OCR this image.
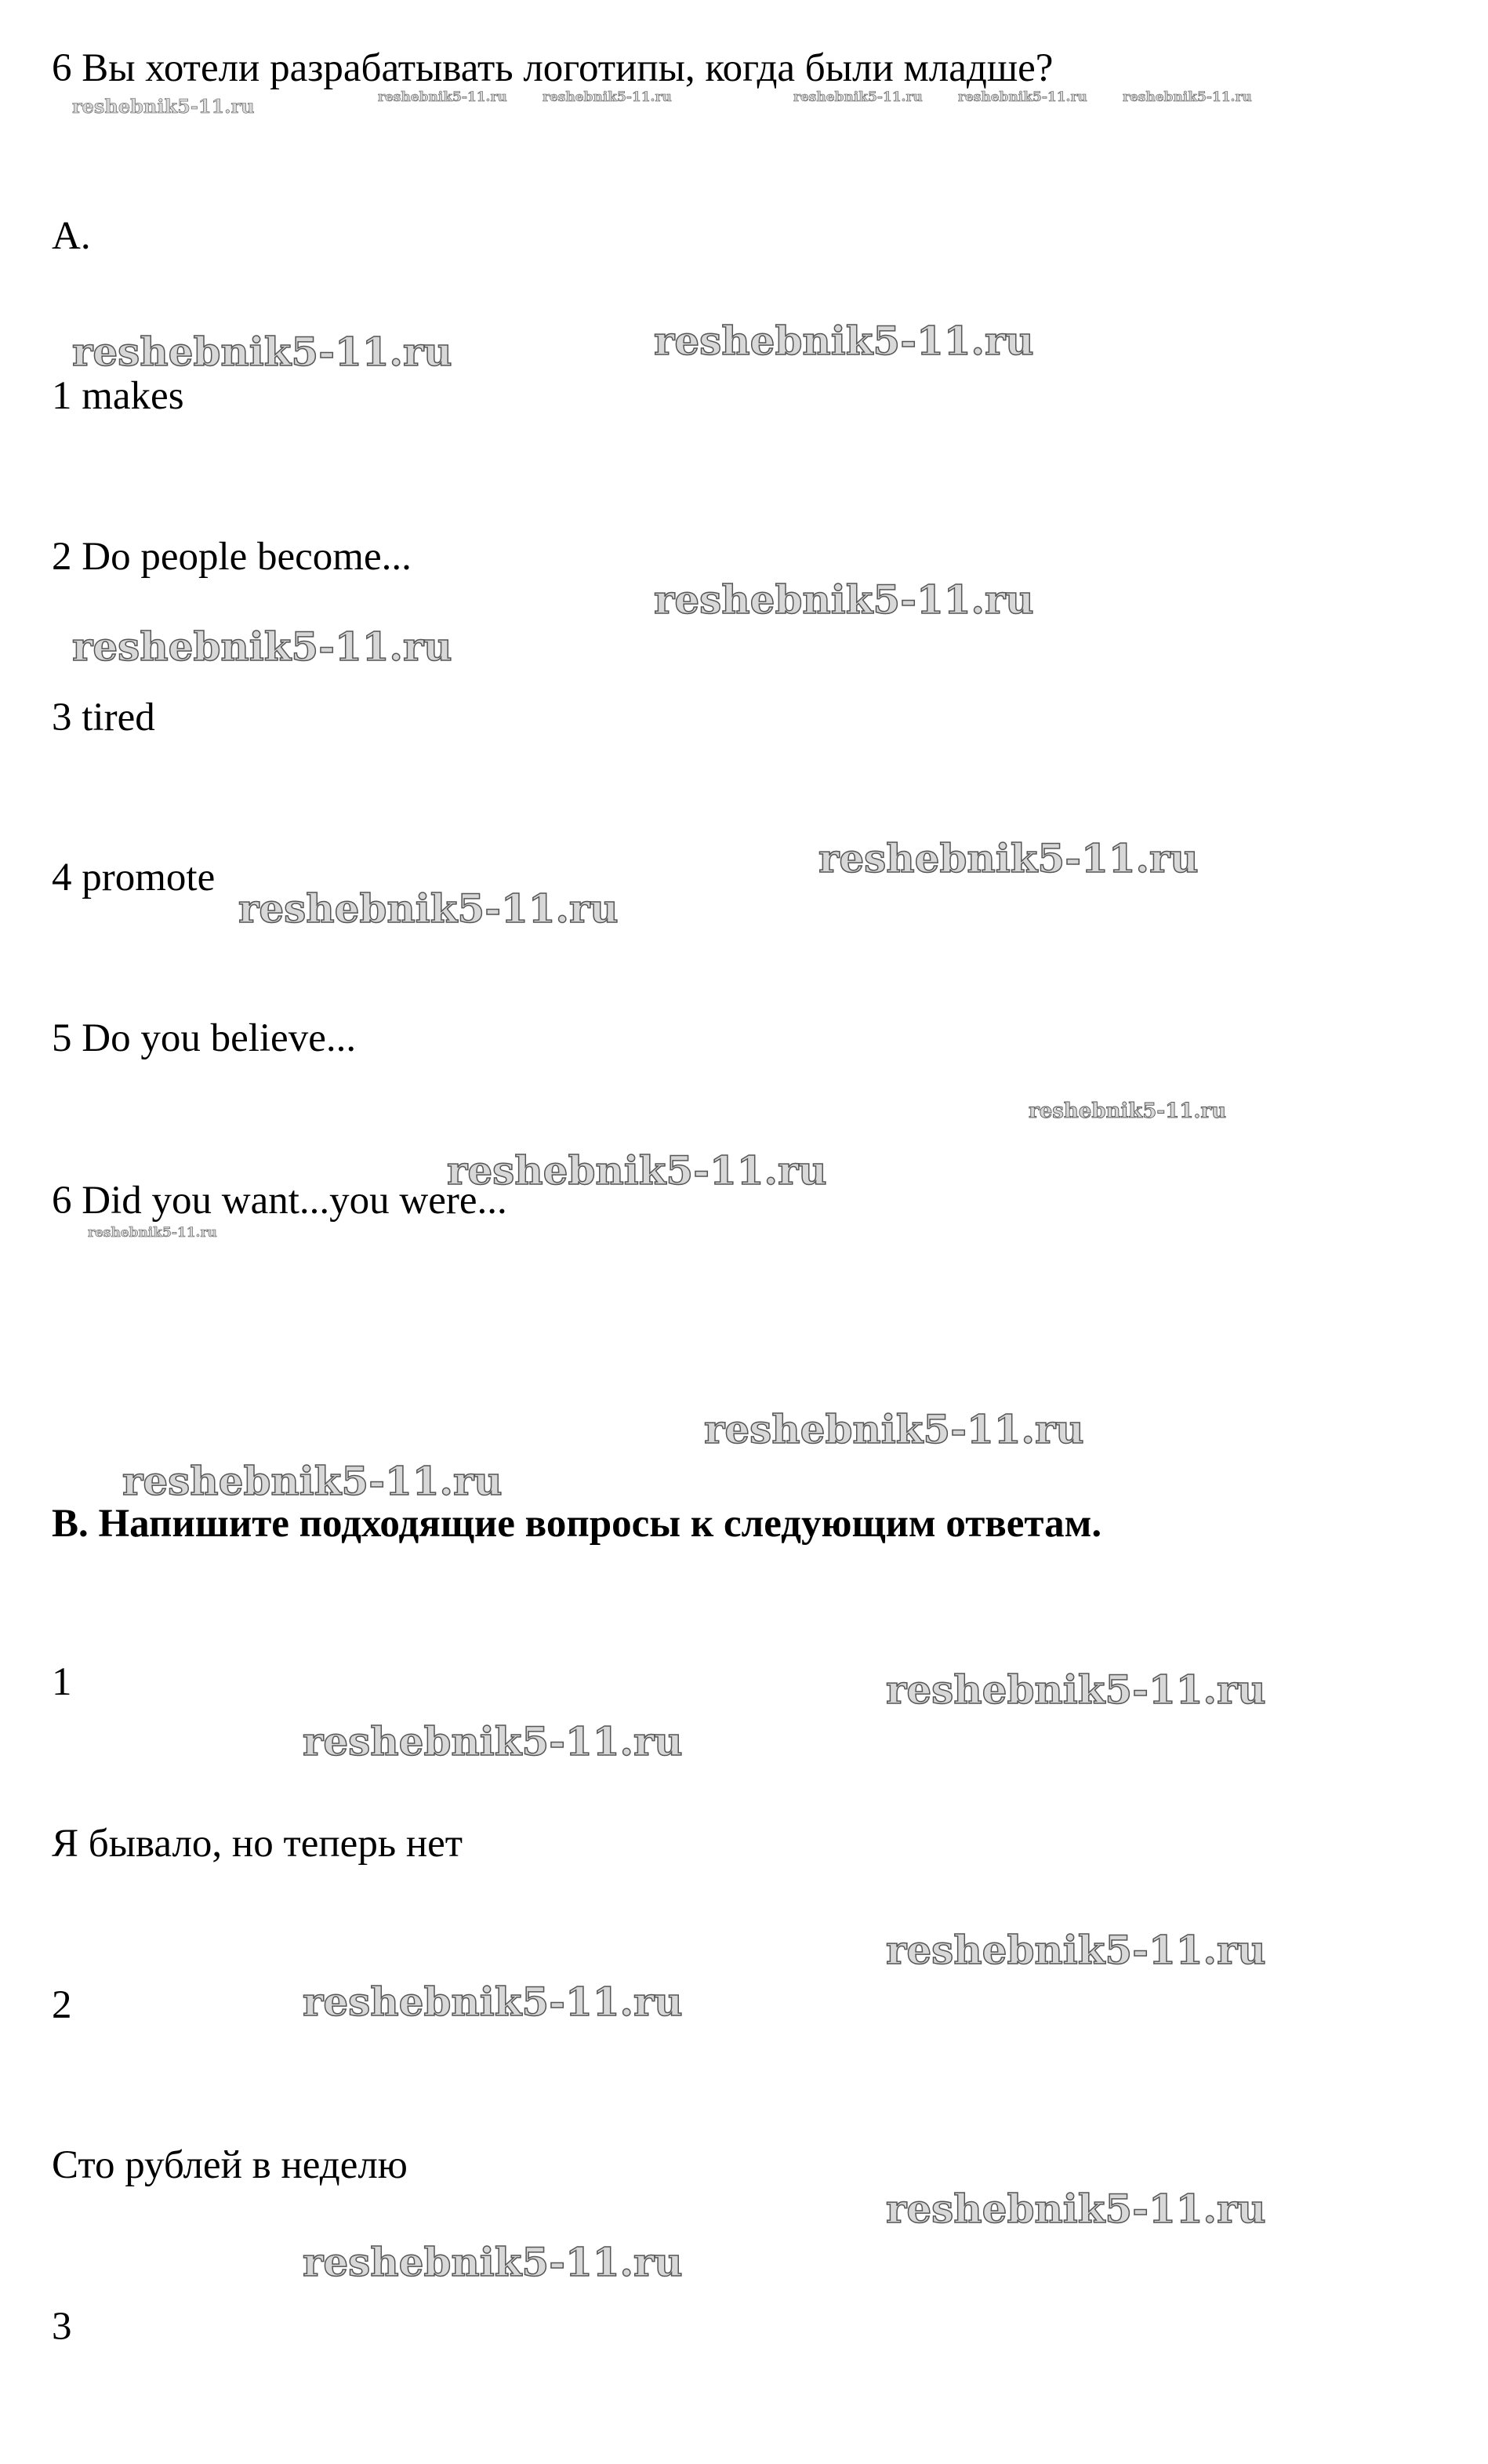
6 Вы хотели разрабатывать логотипы, когда были младше?
A.
1 makes
2 Do people become...
3 tired
4 promote
5 Do you believe...
6 Did you want...you were...
B. Напишите подходящие вопросы к следующим ответам.
1
Я бывало, но теперь нет
2
Сто рублей в неделю
3
reshebnik5-11.ru	reshebnik5-11.ru	reshebnik5-11.ru	reshebnik5-11.ru	reshebnik5-11.ru	reshebnik5-11.ru
reshebnik5-11.ru	reshebnik5-11.ru
reshebnik5-11.ru
reshebnik5-11.ru
reshebnik5-11.ru
reshebnik5-11.ru
reshebnik5-11.ru
reshebnik5-11.ru
reshebnik5-11.ru
reshebnik5-11.ru
reshebnik5-11.ru
reshebnik5-11.ru
reshebnik5-11.ru
reshebnik5-11.ru
reshebnik5-11.ru
reshebnik5-11.ru
reshebnik5-11.ru
